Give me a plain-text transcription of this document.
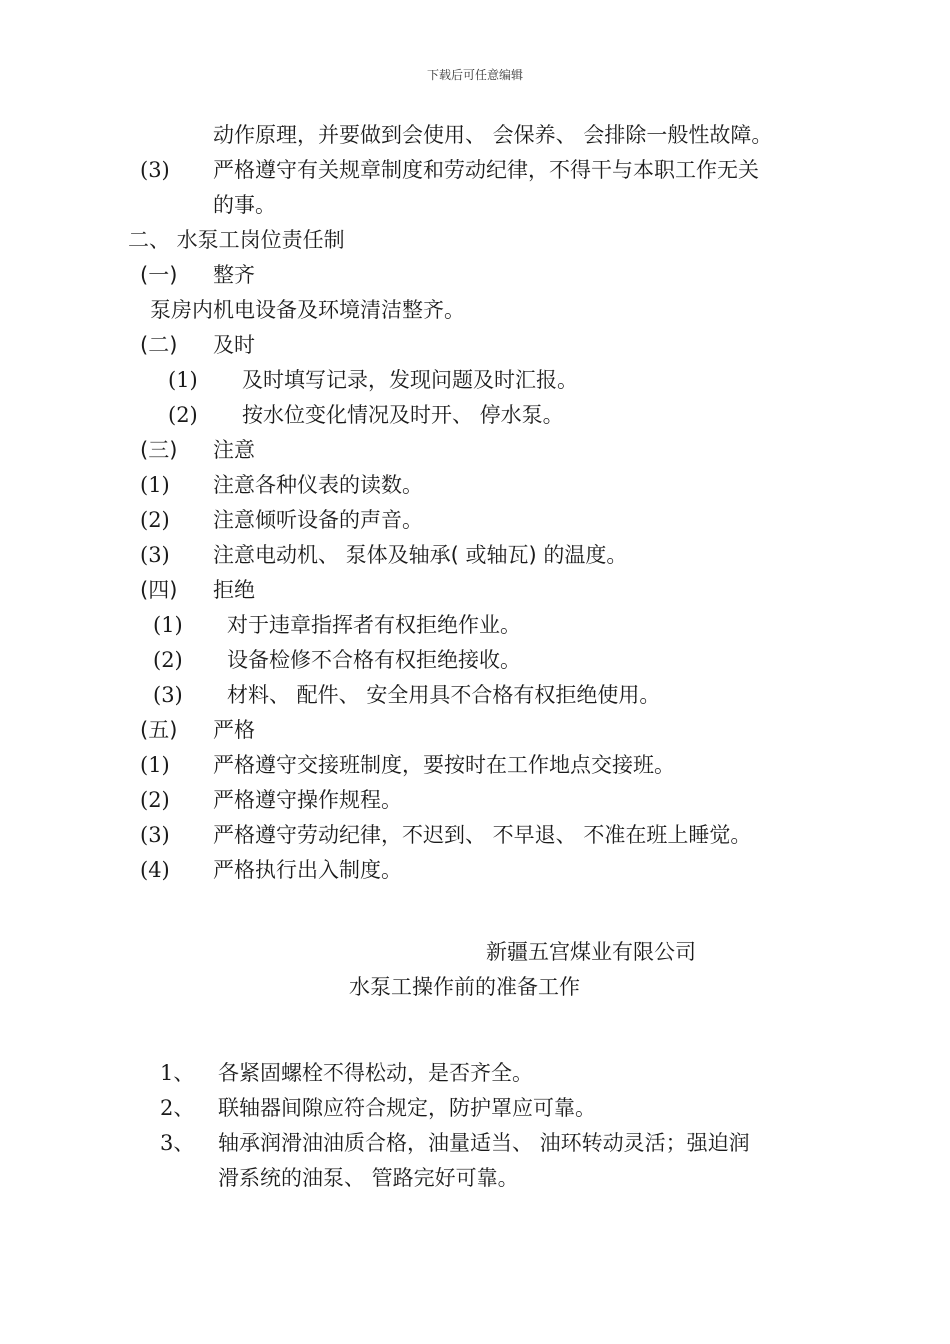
下载后可任意编辑
动作原理，并要做到会使用、 会保养、 会排除一般性故障。
(3) 严格遵守有关规章制度和劳动纪律，不得干与本职工作无关
的事。
二、 水泵工岗位责任制
(一) 整齐
泵房内机电设备及环境清洁整齐。
(二) 及时
(1) 及时填写记录，发现问题及时汇报。
(2) 按水位变化情况及时开、 停水泵。
(三) 注意
(1) 注意各种仪表的读数。
(2) 注意倾听设备的声音。
(3) 注意电动机、 泵体及轴承( 或轴瓦) 的温度。
(四) 拒绝
(1) 对于违章指挥者有权拒绝作业。
(2) 设备检修不合格有权拒绝接收。
(3) 材料、 配件、 安全用具不合格有权拒绝使用。
(五) 严格
(1) 严格遵守交接班制度，要按时在工作地点交接班。
(2) 严格遵守操作规程。
(3) 严格遵守劳动纪律，不迟到、 不早退、 不准在班上睡觉。
(4) 严格执行出入制度。
新疆五宫煤业有限公司
水泵工操作前的准备工作
1、 各紧固螺栓不得松动，是否齐全。
2、 联轴器间隙应符合规定，防护罩应可靠。
3、 轴承润滑油油质合格，油量适当、 油环转动灵活；强迫润
滑系统的油泵、 管路完好可靠。
